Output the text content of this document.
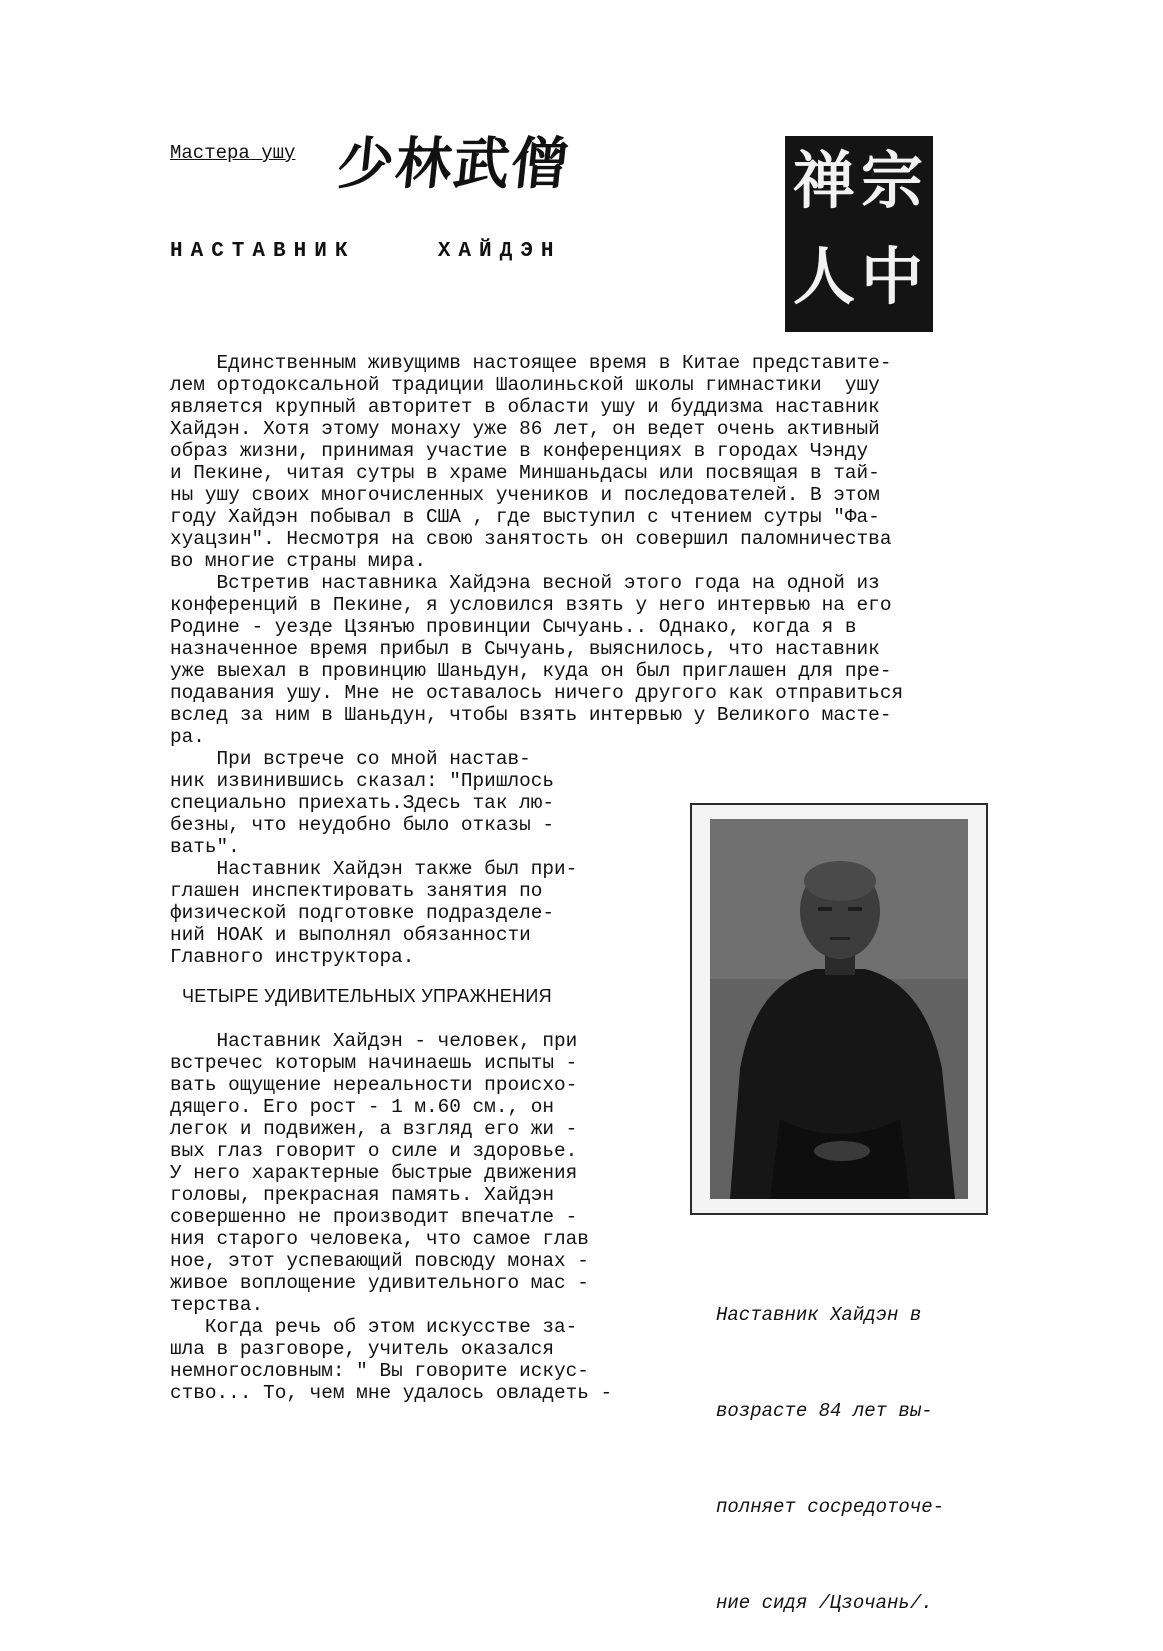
Мастера ушу 少林武僧	禅 宗
中
人
НАСТАВНИК    ХАЙДЭН
Единственным живущимв настоящее время в Китае представите-
лем ортодоксальной традиции Шаолиньской школы гимнастики  ушу
является крупный авторитет в области ушу и буддизма наставник
Хайдэн. Хотя этому монаху уже 86 лет, он ведет очень активный
образ жизни, принимая участие в конференциях в городах Чэнду
и Пекине, читая сутры в храме Миншаньдасы или посвящая в тай-
ны ушу своих многочисленных учеников и последователей. В этом
году Хайдэн побывал в США , где выступил с чтением сутры "Фа-
хуацзин". Несмотря на свою занятость он совершил паломничества
во многие страны мира.
Встретив наставника Хайдэна весной этого года на одной из
конференций в Пекине, я условился взять у него интервью на его
Родине - уезде Цзянъю провинции Сычуань.. Однако, когда я в
назначенное время прибыл в Сычуань, выяснилось, что наставник
уже выехал в провинцию Шаньдун, куда он был приглашен для пре-
подавания ушу. Мне не оставалось ничего другого как отправиться
вслед за ним в Шаньдун, чтобы взять интервью у Великого масте-
ра.
При встрече со мной настав-
ник извинившись сказал: "Пришлось
специально приехать.Здесь так лю-
безны, что неудобно было отказы -
вать".
Наставник Хайдэн также был при-
глашен инспектировать занятия по
физической подготовке подразделе-
ний НОАК и выполнял обязанности
Главного инструктора.
ЧЕТЫРЕ УДИВИТЕЛЬНЫХ УПРАЖНЕНИЯ
Наставник Хайдэн - человек, при
встречес которым начинаешь испыты -
вать ощущение нереальности происхо-
дящего. Его рост - 1 м.60 см., он
легок и подвижен, а взгляд его жи -
вых глаз говорит о силе и здоровье.
У него характерные быстрые движения
головы, прекрасная память. Хайдэн
совершенно не производит впечатле -
ния старого человека, что самое глав
ное, этот успевающий повсюду монах -
живое воплощение удивительного мас -
терства.
Когда речь об этом искусстве за-
шла в разговоре, учитель оказался
немногословным: " Вы говорите искус-
ство... То, чем мне удалось овладеть -

Наставник Хайдэн в

возрасте 84 лет вы-

полняет сосредоточе-

ние сидя /Цзочань/.
